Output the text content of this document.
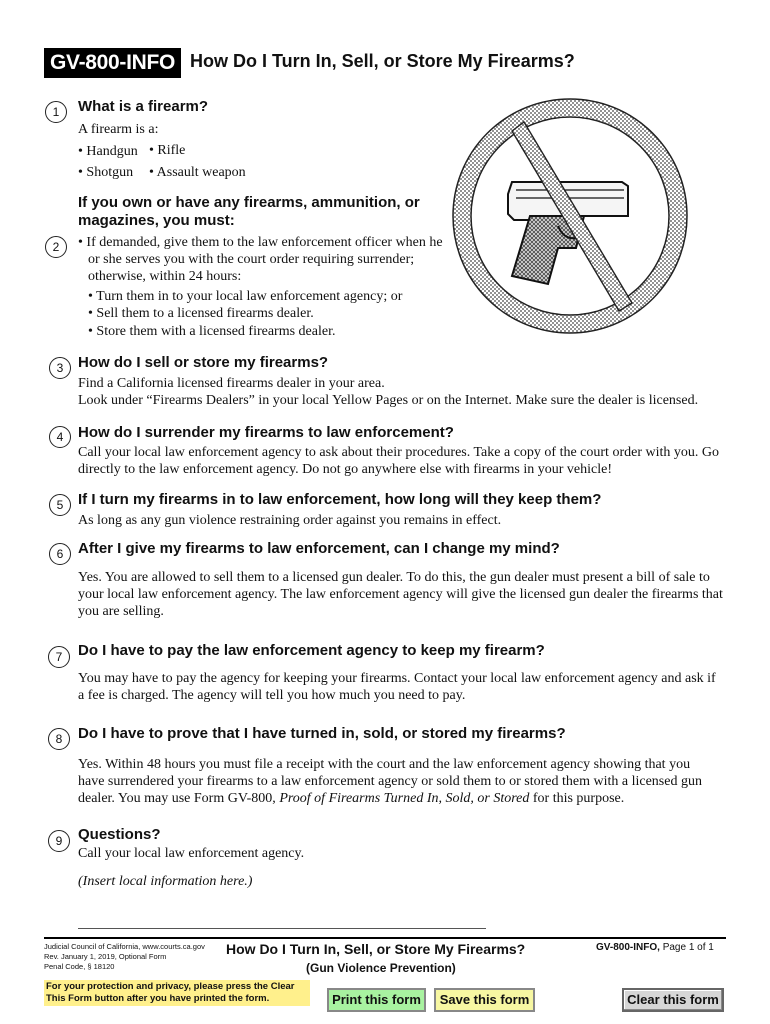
GV-800-INFO How Do I Turn In, Sell, or Store My Firearms?
1	What is a firearm?
A firearm is a:
• Handgun • Rifle
• Shotgun • Assault weapon
If you own or have any firearms, ammunition, or
magazines, you must:
2	• If demanded, give them to the law enforcement officer when he
or she serves you with the court order requiring surrender;
otherwise, within 24 hours:
• Turn them in to your local law enforcement agency; or
• Sell them to a licensed firearms dealer.
• Store them with a licensed firearms dealer.
3 How do I sell or store my firearms?
Find a California licensed firearms dealer in your area.
Look under “Firearms Dealers” in your local Yellow Pages or on the Internet. Make sure the dealer is licensed.
4 How do I surrender my firearms to law enforcement?
Call your local law enforcement agency to ask about their procedures. Take a copy of the court order with you. Go
directly to the law enforcement agency. Do not go anywhere else with firearms in your vehicle!
5 If I turn my firearms in to law enforcement, how long will they keep them?
As long as any gun violence restraining order against you remains in effect.
6 After I give my firearms to law enforcement, can I change my mind?
Yes. You are allowed to sell them to a licensed gun dealer. To do this, the gun dealer must present a bill of sale to
your local law enforcement agency. The law enforcement agency will give the licensed gun dealer the firearms that
you are selling.
7	Do I have to pay the law enforcement agency to keep my firearm?
You may have to pay the agency for keeping your firearms. Contact your local law enforcement agency and ask if
a fee is charged. The agency will tell you how much you need to pay.
8	Do I have to prove that I have turned in, sold, or stored my firearms?
Yes. Within 48 hours you must file a receipt with the court and the law enforcement agency showing that you
have surrendered your firearms to a law enforcement agency or sold them to or stored them with a licensed gun
dealer. You may use Form GV-800, Proof of Firearms Turned In, Sold, or Stored for this purpose.
9	Questions?
Call your local law enforcement agency.
(Insert local information here.)
Judicial Council of California, www.courts.ca.gov
Rev. January 1, 2019, Optional Form
Penal Code, § 18120
How Do I Turn In, Sell, or Store My Firearms?
(Gun Violence Prevention)
GV-800-INFO, Page 1 of 1
For your protection and privacy, please press the Clear
This Form button after you have printed the form.	Print this form	Save this form	Clear this form
